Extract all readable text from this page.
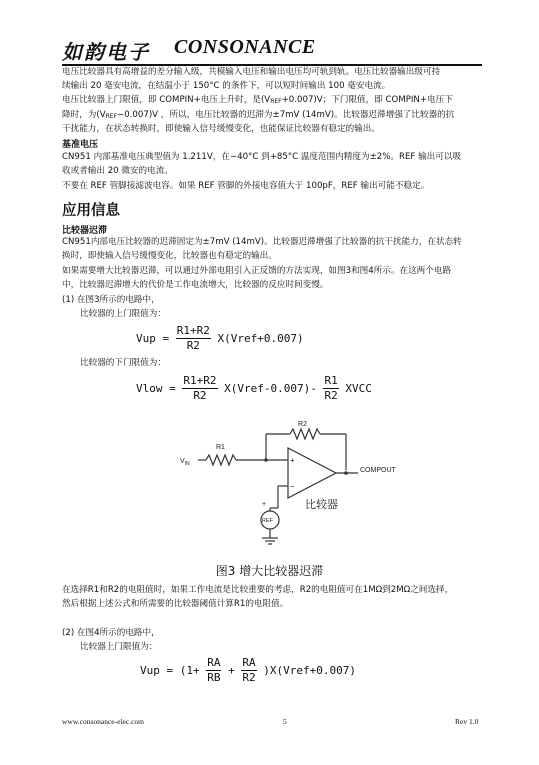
如韵电子 CONSONANCE

电压比较器具有高增益的差分输入级，共模输入电压和输出电压均可轨到轨。电压比较器输出级可持
续输出 20 毫安电流，在结温小于 150°C 的条件下，可以短时间输出 100 毫安电流。

电压比较器上门限值，即 COMPIN+电压上升时，是(VREF+0.007)V；下门限值，即 COMPIN+电压下
降时，为(VREF−0.007)V ，所以，电压比较器的迟滞为±7mV (14mV)。比较器迟滞增强了比较器的抗
干扰能力，在状态转换时，即使输入信号缓慢变化，也能保证比较器有稳定的输出。

基准电压

CN951 内部基准电压典型值为 1.211V，在−40°C 到+85°C 温度范围内精度为±2%。REF 输出可以吸
收或者输出 20 微安的电流。

不要在 REF 管脚接滤波电容。如果 REF 管脚的外接电容值大于 100pF，REF 输出可能不稳定。

应用信息
比较器迟滞

CN951内部电压比较器的迟滞固定为±7mV (14mV)。比较器迟滞增强了比较器的抗干扰能力，在状态转
换时，即使输入信号缓慢变化，比较器也有稳定的输出。

如果需要增大比较器迟滞，可以通过外部电阻引入正反馈的方法实现，如图3和图4所示。在这两个电路
中，比较器迟滞增大的代价是工作电流增大，比较器的反应时间变慢。

(1) 在图3所示的电路中，

比较器的上门限值为：

Vup = $\frac{R1+R2}{R2}$ X(Vref+0.007)

比较器的下门限值为：

Vlow = $\frac{R1+R2}{R2}$ X(Vref-0.007)- $\frac{R1}{R2}$ XVCC
R1
R2
$V_{IN}$
COMPOUT
REF
+
+
−
比较器
图3 增大比较器迟滞

在选择R1和R2的电阻值时，如果工作电流是比较重要的考虑，R2的电阻值可在1MΩ到2MΩ之间选择，
然后根据上述公式和所需要的比较器阈值计算R1的电阻值。

(2) 在图4所示的电路中，

比较器上门限值为：

Vup = ($1+ \frac{RA}{RB} + \frac{RA}{R2}$ )X(Vref+0.007)
www.consonance-elec.com	5	Rev 1.0
